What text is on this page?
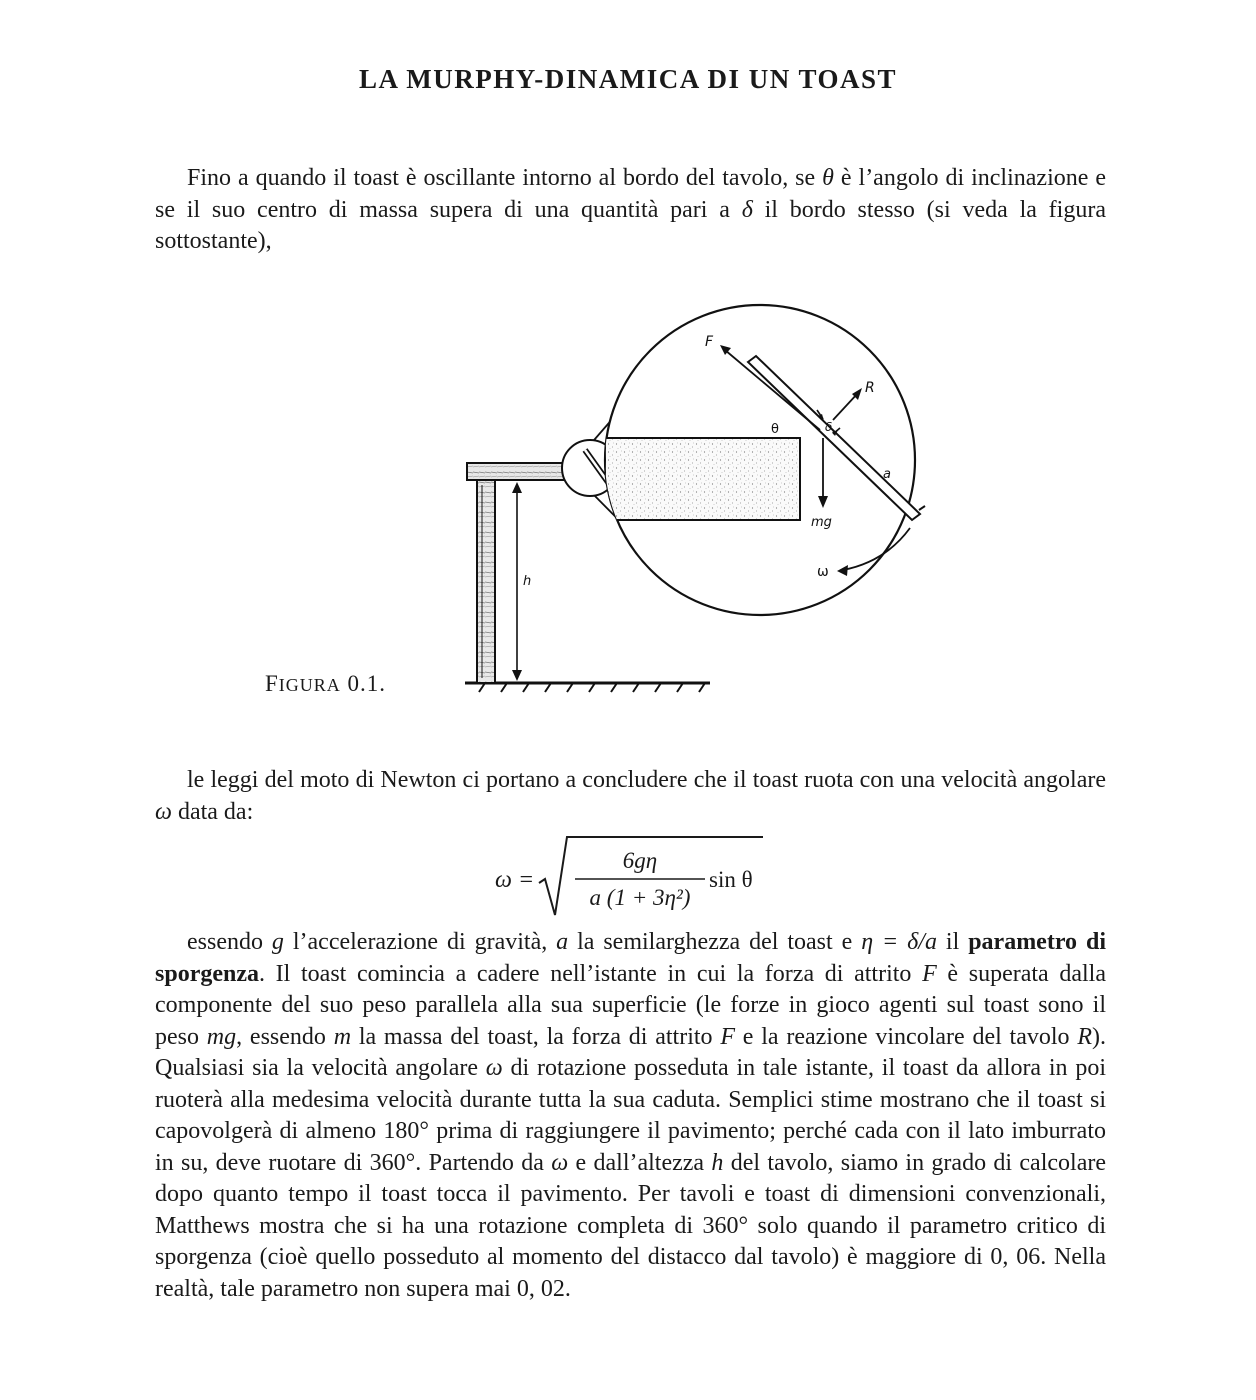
LA MURPHY-DINAMICA DI UN TOAST
Fino a quando il toast è oscillante intorno al bordo del tavolo, se θ è l’angolo di inclinazione e se il suo centro di massa supera di una quantità pari a δ il bordo stesso (si veda la figura sottostante),
h
F
R
δ
θ
mg
a
ω
FIGURA 0.1.
le leggi del moto di Newton ci portano a concludere che il toast ruota con una velocità angolare ω data da:
ω =
6gη
a (1 + 3η²)
sin θ
essendo g l’accelerazione di gravità, a la semilarghezza del toast e η = δ/a il parametro di sporgenza. Il toast comincia a cadere nell’istante in cui la forza di attrito F è superata dalla componente del suo peso parallela alla sua superficie (le forze in gioco agenti sul toast sono il peso mg, essendo m la massa del toast, la forza di attrito F e la reazione vincolare del tavolo R). Qualsiasi sia la velocità angolare ω di rotazione posseduta in tale istante, il toast da allora in poi ruoterà alla medesima velocità durante tutta la sua caduta. Semplici stime mostrano che il toast si capovolgerà di almeno 180° prima di raggiungere il pavimento; perché cada con il lato imburrato in su, deve ruotare di 360°. Partendo da ω e dall’altezza h del tavolo, siamo in grado di calcolare dopo quanto tempo il toast tocca il pavimento. Per tavoli e toast di dimensioni convenzionali, Matthews mostra che si ha una rotazione completa di 360° solo quando il parametro critico di sporgenza (cioè quello posseduto al momento del distacco dal tavolo) è maggiore di 0, 06. Nella realtà, tale parametro non supera mai 0, 02.
